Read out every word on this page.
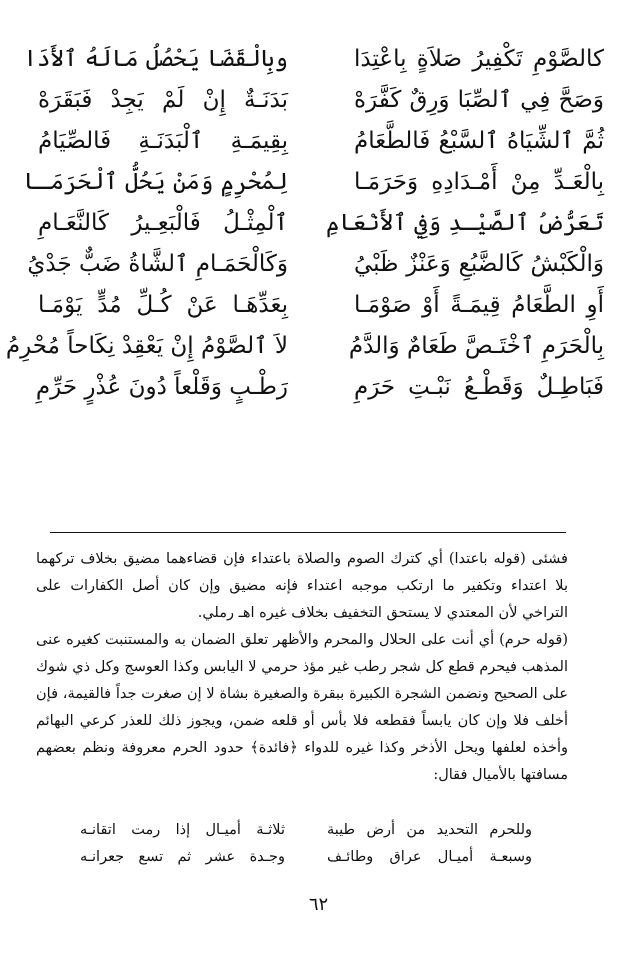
كالصَّوْمِ تَكْفِيرُ صَلاَةٍ بِاعْتِدَا
وبِالْقَضَا يَحْصُلُ مَالَهُ ٱلأَدَا
وَصَحَّ فِي ٱلصِّبَا وَرِقٌ كَفَّرَهْ
بَدَنَـةٌ إِنْ لَمْ يَجِدْ فَبَقَرَهْ
ثُمَّ ٱلشِّيَاهُ ٱلسَّبْعُ فَالطَّعَامُ
بِقِيمَـةِ ٱلْبَدَنَـةِ فَالصِّيَامُ
بِالْعَـدِّ مِنْ أَمْـدَادِهِ وَحَرَمَـا
لِمُحْرِمٍ وَمَنْ يَحُلُّ ٱلْحَرَمَـا
تَعَرُّضُ ٱلصَّيْـدِ وَفِي ٱلأَنْعَامِ
ٱلْمِثْـلُ فَالْبَعِـيرُ كَالنَّعَـامِ
وَالْكَبْشُ كَالضَّبُعِ وَعَنْزٌ ظَبْيُ
وَكَالْحَمَـامِ ٱلشَّاةُ ضَبٌّ جَدْيُ
أَوِ الطَّعَامُ قِيمَـةً أَوْ صَوْمَـا
بِعَدِّهَـا عَنْ كُـلِّ مُدٍّ يَوْمَـا
بِالْحَرَمِ ٱخْتَـصَّ طَعَامٌ وَالدَّمُ
لاَ ٱلصَّوْمُ إِنْ يَعْقِدْ نِكَاحاً مُحْرِمُ
فَبَاطِـلٌ وَقَطْـعُ نَبْـتِ حَرَمِ
رَطْـبٍ وَقَلْعاً دُونَ عُذْرٍ حَرِّمِ
فشئى (قوله باعتدا) أي كترك الصوم والصلاة باعتداء فإن قضاءهما مضيق بخلاف تركهما
بلا اعتداء وتكفير ما ارتكب موجبه اعتداء فإنه مضيق وإن كان أصل الكفارات على
التراخي لأن المعتدي لا يستحق التخفيف بخلاف غيره اهـ رملي.
(قوله حرم) أي أنت على الحلال والمحرم والأظهر تعلق الضمان به والمستنبت كغيره عنى
المذهب فيحرم قطع كل شجر رطب غير مؤذ حرمي لا اليابس وكذا العوسج وكل ذي شوك
على الصحيح ونضمن الشجرة الكبيرة ببقرة والصغيرة بشاة لا إن صغرت جداً فالقيمة، فإن
أخلف فلا وإن كان يابساً فقطعه فلا بأس أو قلعه ضمن، ويجوز ذلك للعذر كرعي البهائم
وأخذه لعلفها ويحل الأذخر وكذا غيره للدواء ﴿فائدة﴾ حدود الحرم معروفة ونظم بعضهم
مسافتها بالأميال فقال:
وللحرم التحديد من أرض طيبة
ثلاثـة أميـال إذا رمت اتقانـه
وسبعـة أميـال عراق وطائـف
وجـدة عشر ثم تسع جعرانـه
٦٢
